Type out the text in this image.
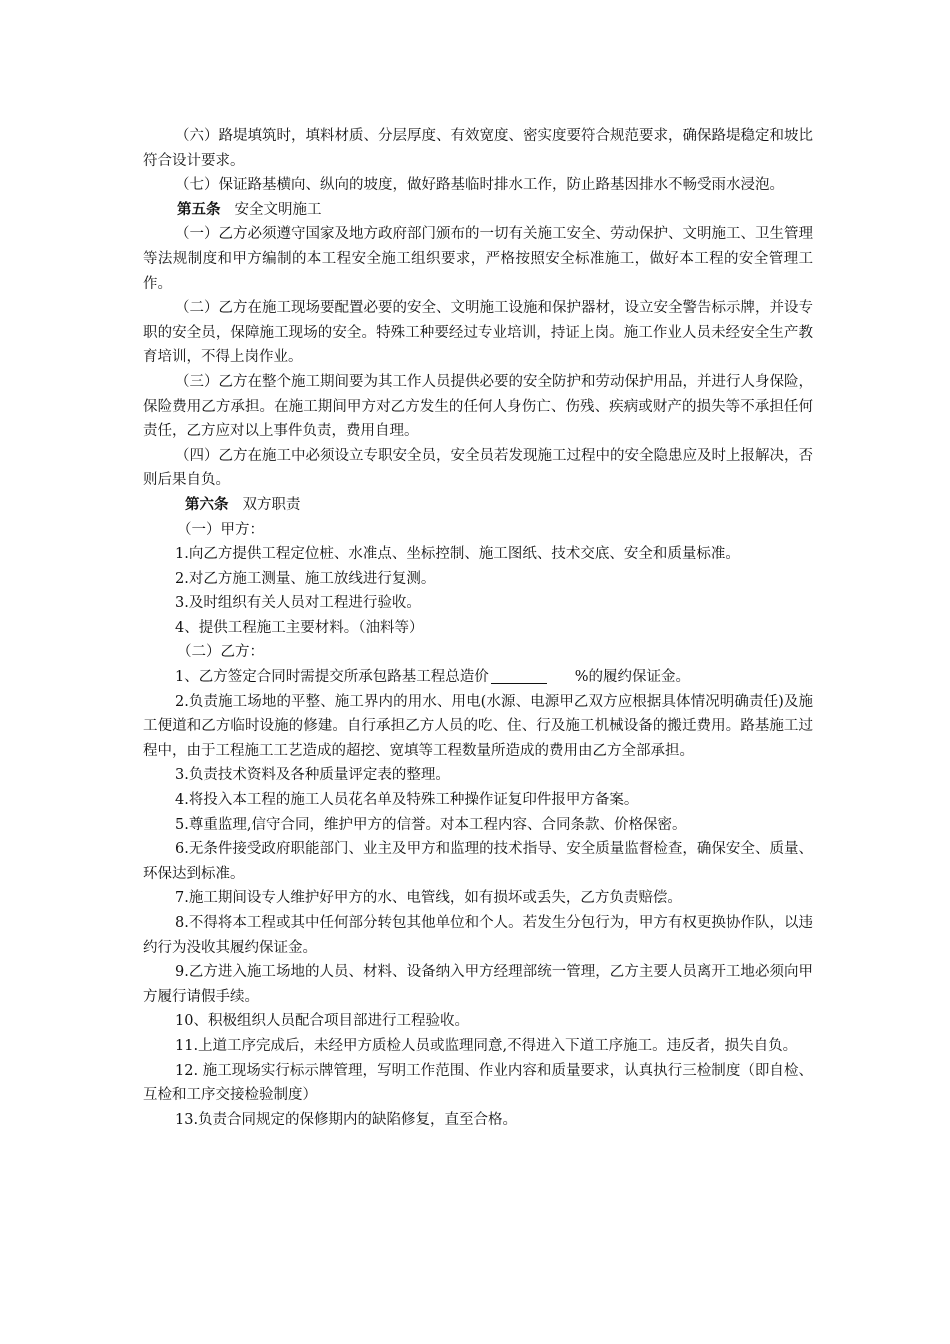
（六）路堤填筑时，填料材质、分层厚度、有效宽度、密实度要符合规范要求，确保路堤稳定和坡比符合设计要求。

（七）保证路基横向、纵向的坡度，做好路基临时排水工作，防止路基因排水不畅受雨水浸泡。

第五条 安全文明施工

（一）乙方必须遵守国家及地方政府部门颁布的一切有关施工安全、劳动保护、文明施工、卫生管理等法规制度和甲方编制的本工程安全施工组织要求，严格按照安全标准施工，做好本工程的安全管理工作。

（二）乙方在施工现场要配置必要的安全、文明施工设施和保护器材，设立安全警告标示牌，并设专职的安全员，保障施工现场的安全。特殊工种要经过专业培训，持证上岗。施工作业人员未经安全生产教育培训，不得上岗作业。

（三）乙方在整个施工期间要为其工作人员提供必要的安全防护和劳动保护用品，并进行人身保险，保险费用乙方承担。在施工期间甲方对乙方发生的任何人身伤亡、伤残、疾病或财产的损失等不承担任何责任，乙方应对以上事件负责，费用自理。

（四）乙方在施工中必须设立专职安全员，安全员若发现施工过程中的安全隐患应及时上报解决，否则后果自负。

第六条 双方职责

（一）甲方：

1.向乙方提供工程定位桩、水准点、坐标控制、施工图纸、技术交底、安全和质量标准。

2.对乙方施工测量、施工放线进行复测。

3.及时组织有关人员对工程进行验收。

4、提供工程施工主要材料。（油料等）

（二）乙方：

1、乙方签定合同时需提交所承包路基工程总造价	%的履约保证金。

2.负责施工场地的平整、施工界内的用水、用电(水源、电源甲乙双方应根据具体情况明确责任)及施工便道和乙方临时设施的修建。自行承担乙方人员的吃、住、行及施工机械设备的搬迁费用。路基施工过程中，由于工程施工工艺造成的超挖、宽填等工程数量所造成的费用由乙方全部承担。

3.负责技术资料及各种质量评定表的整理。

4.将投入本工程的施工人员花名单及特殊工种操作证复印件报甲方备案。

5.尊重监理,信守合同，维护甲方的信誉。对本工程内容、合同条款、价格保密。

6.无条件接受政府职能部门、业主及甲方和监理的技术指导、安全质量监督检查，确保安全、质量、环保达到标准。

7.施工期间设专人维护好甲方的水、电管线，如有损坏或丢失，乙方负责赔偿。

8.不得将本工程或其中任何部分转包其他单位和个人。若发生分包行为，甲方有权更换协作队，以违约行为没收其履约保证金。

9.乙方进入施工场地的人员、材料、设备纳入甲方经理部统一管理，乙方主要人员离开工地必须向甲方履行请假手续。

10、积极组织人员配合项目部进行工程验收。

11.上道工序完成后，未经甲方质检人员或监理同意,不得进入下道工序施工。违反者，损失自负。

12. 施工现场实行标示牌管理，写明工作范围、作业内容和质量要求，认真执行三检制度（即自检、互检和工序交接检验制度）

13.负责合同规定的保修期内的缺陷修复，直至合格。
